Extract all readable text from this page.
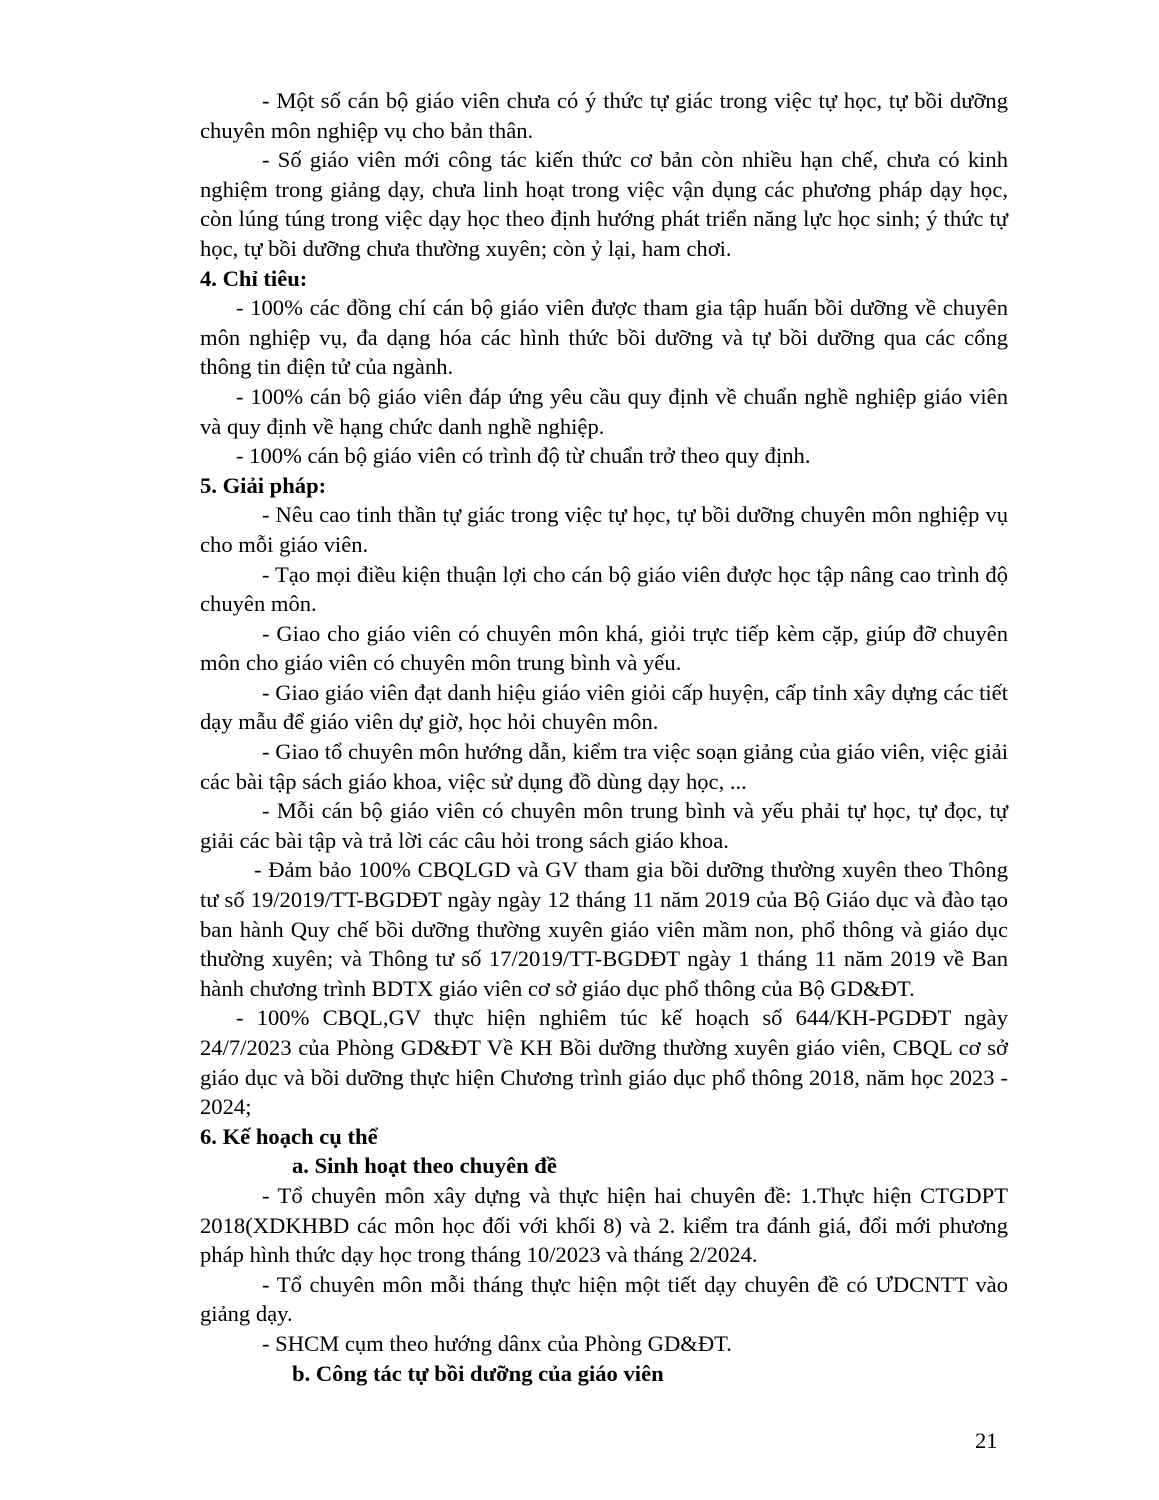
- Một số cán bộ giáo viên chưa có ý thức tự giác trong việc tự học, tự bồi dưỡng chuyên môn nghiệp vụ cho bản thân.

- Số giáo viên mới công tác kiến thức cơ bản còn nhiều hạn chế, chưa có kinh nghiệm trong giảng dạy, chưa linh hoạt trong việc vận dụng các phương pháp dạy học, còn lúng túng trong việc dạy học theo định hướng phát triển năng lực học sinh; ý thức tự học, tự bồi dưỡng chưa thường xuyên; còn ỷ lại, ham chơi.

4. Chỉ tiêu:

- 100% các đồng chí cán bộ giáo viên được tham gia tập huấn bồi dưỡng về chuyên môn nghiệp vụ, đa dạng hóa các hình thức bồi dưỡng và tự bồi dưỡng qua các cổng thông tin điện tử của ngành.

- 100% cán bộ giáo viên đáp ứng yêu cầu quy định về chuẩn nghề nghiệp giáo viên và quy định về hạng chức danh nghề nghiệp.

- 100% cán bộ giáo viên có trình độ từ chuẩn trở theo quy định.

5. Giải pháp:

- Nêu cao tinh thần tự giác trong việc tự học, tự bồi dưỡng chuyên môn nghiệp vụ cho mỗi giáo viên.

- Tạo mọi điều kiện thuận lợi cho cán bộ giáo viên được học tập nâng cao trình độ chuyên môn.

- Giao cho giáo viên có chuyên môn khá, giỏi trực tiếp kèm cặp, giúp đỡ chuyên môn cho giáo viên có chuyên môn trung bình và yếu.

- Giao giáo viên đạt danh hiệu giáo viên giỏi cấp huyện, cấp tỉnh xây dựng các tiết dạy mẫu để giáo viên dự giờ, học hỏi chuyên môn.

- Giao tổ chuyên môn hướng dẫn, kiểm tra việc soạn giảng của giáo viên, việc giải các bài tập sách giáo khoa, việc sử dụng đồ dùng dạy học, ...

- Mỗi cán bộ giáo viên có chuyên môn trung bình và yếu phải tự học, tự đọc, tự giải các bài tập và trả lời các câu hỏi trong sách giáo khoa.

- Đảm bảo 100% CBQLGD và GV tham gia bồi dưỡng thường xuyên theo Thông tư số 19/2019/TT-BGDĐT ngày ngày 12 tháng 11 năm 2019 của Bộ Giáo dục và đào tạo ban hành Quy chế bồi dưỡng thường xuyên giáo viên mầm non, phổ thông và giáo dục thường xuyên; và Thông tư số 17/2019/TT-BGDĐT ngày 1 tháng 11 năm 2019 về Ban hành chương trình BDTX giáo viên cơ sở giáo dục phổ thông của Bộ GD&ĐT.

- 100% CBQL,GV thực hiện nghiêm túc kế hoạch số 644/KH-PGDĐT ngày 24/7/2023 của Phòng GD&ĐT Về KH Bồi dưỡng thường xuyên giáo viên, CBQL cơ sở giáo dục và bồi dưỡng thực hiện Chương trình giáo dục phổ thông 2018, năm học 2023 - 2024;

6. Kế hoạch cụ thể

a. Sinh hoạt theo chuyên đề

- Tổ chuyên môn xây dựng và thực hiện hai chuyên đề: 1.Thực hiện CTGDPT 2018(XDKHBD các môn học đối với khối 8) và 2. kiểm tra đánh giá, đổi mới phương pháp hình thức dạy học trong tháng 10/2023 và tháng 2/2024.

- Tổ chuyên môn mỗi tháng thực hiện một tiết dạy chuyên đề có ƯDCNTT vào giảng dạy.

- SHCM cụm theo hướng dânx của Phòng GD&ĐT.

b. Công tác tự bồi dưỡng của giáo viên

21
